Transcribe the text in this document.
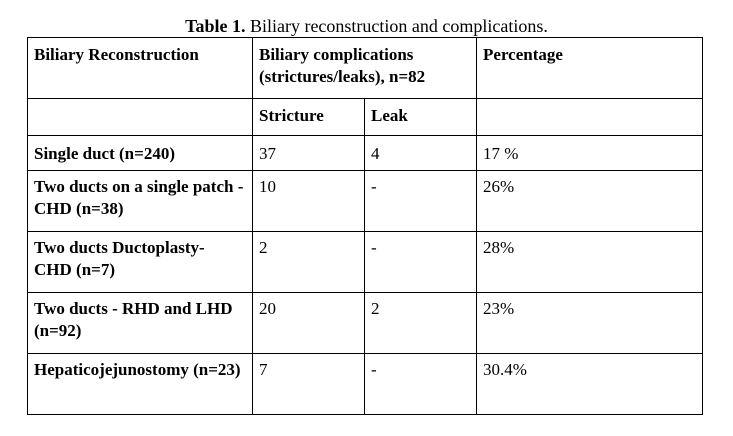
Table 1. Biliary reconstruction and complications.
Biliary Reconstruction	Biliary complications (strictures/leaks), n=82		Percentage
	Stricture	Leak	
Single duct (n=240)	37	4	17 %
Two ducts on a single patch - CHD (n=38)	10	-	26%
Two ducts Ductoplasty- CHD (n=7)	2	-	28%
Two ducts - RHD and LHD (n=92)	20	2	23%
Hepaticojejunostomy (n=23)	7	-	30.4%
